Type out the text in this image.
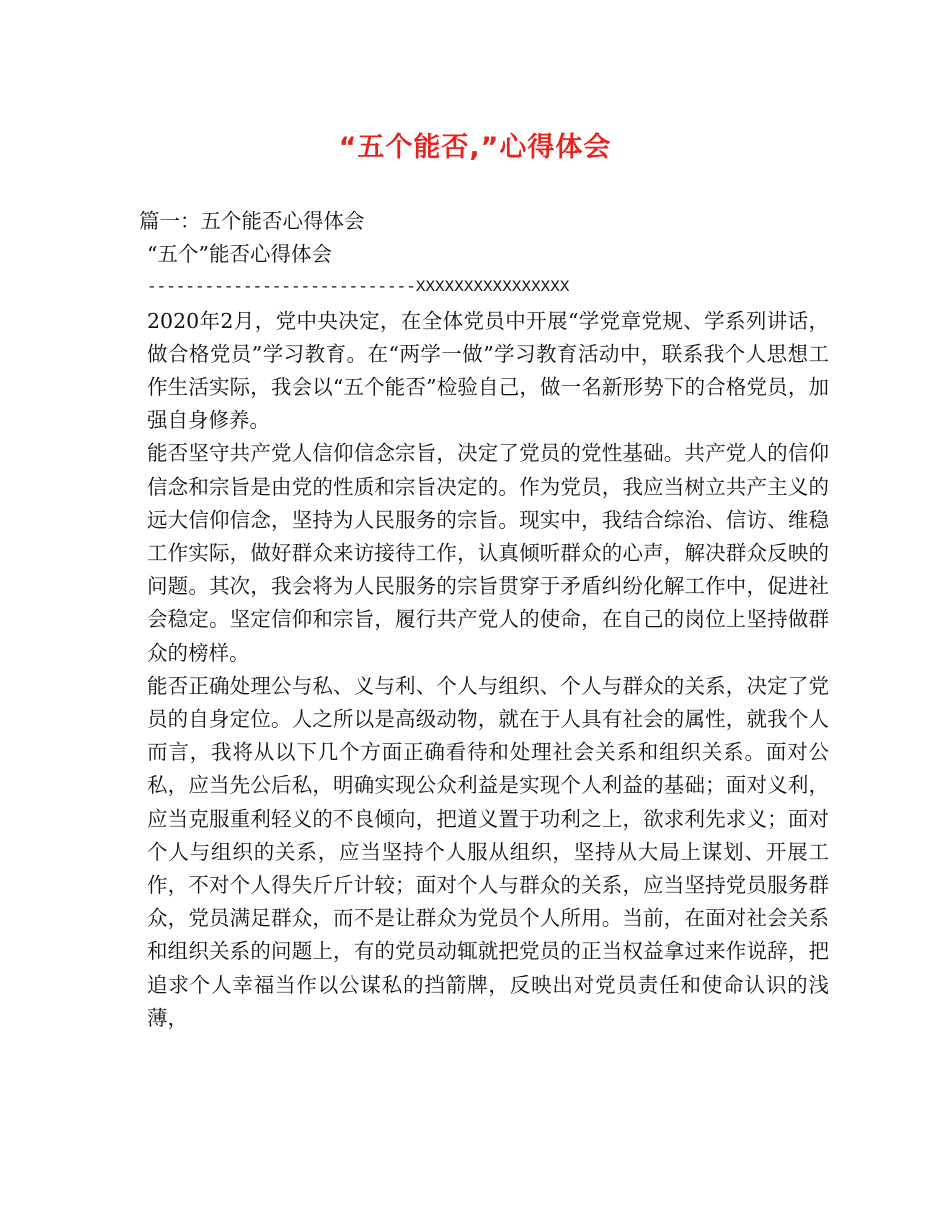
“五个能否,”心得体会

篇一：五个能否心得体会

“五个”能否心得体会

----------------------------XXXXXXXXXXXXXXXX

2020年2月，党中央决定，在全体党员中开展“学党章党规、学系列讲话，做合格党员”学习教育。在“两学一做”学习教育活动中，联系我个人思想工作生活实际，我会以“五个能否”检验自己，做一名新形势下的合格党员，加强自身修养。

能否坚守共产党人信仰信念宗旨，决定了党员的党性基础。共产党人的信仰信念和宗旨是由党的性质和宗旨决定的。作为党员，我应当树立共产主义的远大信仰信念，坚持为人民服务的宗旨。现实中，我结合综治、信访、维稳工作实际，做好群众来访接待工作，认真倾听群众的心声，解决群众反映的问题。其次，我会将为人民服务的宗旨贯穿于矛盾纠纷化解工作中，促进社会稳定。坚定信仰和宗旨，履行共产党人的使命，在自己的岗位上坚持做群众的榜样。

能否正确处理公与私、义与利、个人与组织、个人与群众的关系，决定了党员的自身定位。人之所以是高级动物，就在于人具有社会的属性，就我个人而言，我将从以下几个方面正确看待和处理社会关系和组织关系。面对公私，应当先公后私，明确实现公众利益是实现个人利益的基础；面对义利，应当克服重利轻义的不良倾向，把道义置于功利之上，欲求利先求义；面对个人与组织的关系，应当坚持个人服从组织，坚持从大局上谋划、开展工作，不对个人得失斤斤计较；面对个人与群众的关系，应当坚持党员服务群众，党员满足群众，而不是让群众为党员个人所用。当前，在面对社会关系和组织关系的问题上，有的党员动辄就把党员的正当权益拿过来作说辞，把追求个人幸福当作以公谋私的挡箭牌，反映出对党员责任和使命认识的浅薄，
